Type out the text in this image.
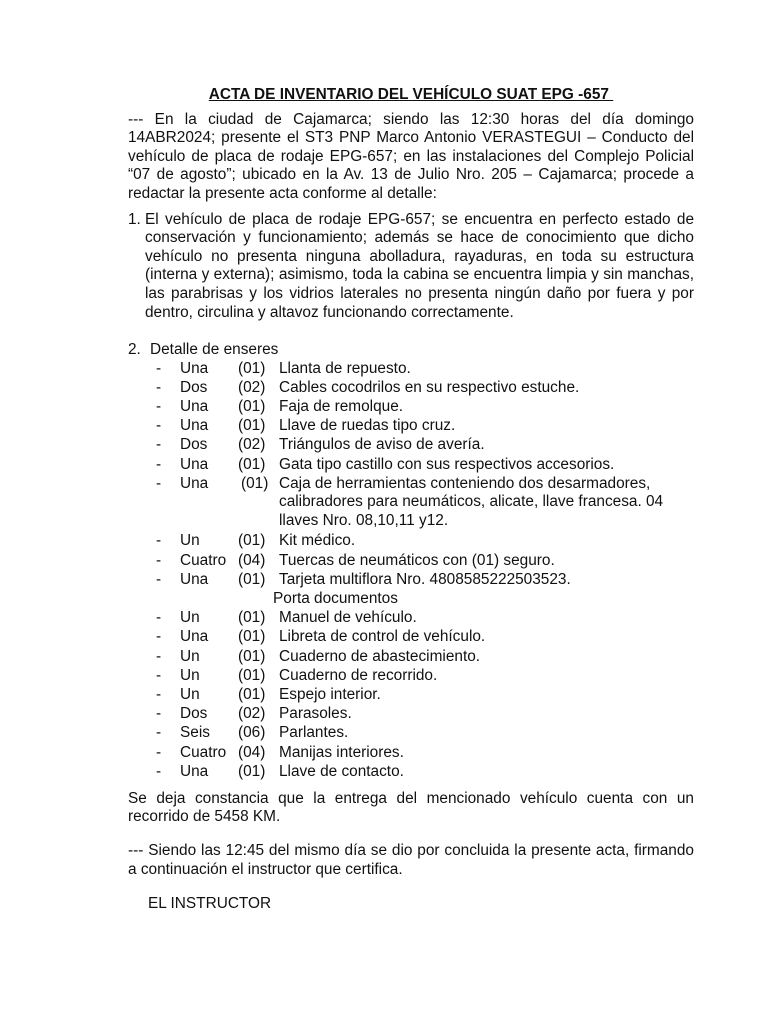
ACTA DE INVENTARIO DEL VEHÍCULO SUAT EPG -657

--- En la ciudad de Cajamarca; siendo las 12:30 horas del día domingo 14ABR2024; presente el ST3 PNP Marco Antonio VERASTEGUI – Conducto del vehículo de placa de rodaje EPG-657; en las instalaciones del Complejo Policial “07 de agosto”; ubicado en la Av. 13 de Julio Nro. 205 – Cajamarca; procede a redactar la presente acta conforme al detalle:

1. El vehículo de placa de rodaje EPG-657; se encuentra en perfecto estado de conservación y funcionamiento; además se hace de conocimiento que dicho vehículo no presenta ninguna abolladura, rayaduras, en toda su estructura (interna y externa); asimismo, toda la cabina se encuentra limpia y sin manchas, las parabrisas y los vidrios laterales no presenta ningún daño por fuera y por dentro, circulina y altavoz funcionando correctamente.
2. Detalle de enseres
-	Una	(01) Llanta de repuesto.
-	Dos	(02) Cables cocodrilos en su respectivo estuche.
-	Una	(01) Faja de remolque.
-	Una	(01) Llave de ruedas tipo cruz.
-	Dos	(02) Triángulos de aviso de avería.
-	Una	(01) Gata tipo castillo con sus respectivos accesorios.
-	Una	(01) Caja de herramientas conteniendo dos desarmadores,
calibradores para neumáticos, alicate, llave francesa. 04
llaves Nro. 08,10,11 y12.
-	Un	(01) Kit médico.
-	Cuatro (04) Tuercas de neumáticos con (01) seguro.
-	Una	(01) Tarjeta multiflora Nro. 4808585222503523.
Porta documentos
-	Un	(01) Manuel de vehículo.
-	Una	(01) Libreta de control de vehículo.
-	Un	(01) Cuaderno de abastecimiento.
-	Un	(01) Cuaderno de recorrido.
-	Un	(01) Espejo interior.
-	Dos	(02) Parasoles.
-	Seis	(06) Parlantes.
-	Cuatro (04) Manijas interiores.
-	Una	(01) Llave de contacto.

Se deja constancia que la entrega del mencionado vehículo cuenta con un recorrido de 5458 KM.

--- Siendo las 12:45 del mismo día se dio por concluida la presente acta, firmando a continuación el instructor que certifica.

EL INSTRUCTOR
